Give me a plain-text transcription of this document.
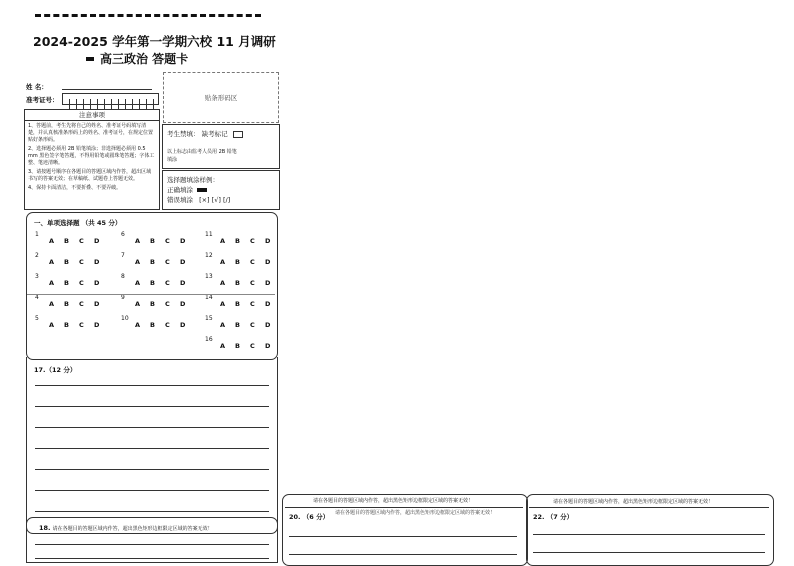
2024-2025 学年第一学期六校 11 月调研
高三政治 答题卡
姓 名：
准考证号：	贴条形码区
注意事项
1、答题前，考生先将自己的姓名、准考证号码填写清楚，并认真核准条形码上的姓名、准考证号，在规定位置贴好条形码。
2、选择题必须用 2B 铅笔填涂；非选择题必须用 0.5 mm 黑色签字笔答题，不得用铅笔或圆珠笔答题；字体工整、笔迹清晰。
3、请按题号顺序在各题目的答题区域内作答，超出区域书写的答案无效；在草稿纸、试题卷上答题无效。
4、保持卡面清洁，不要折叠、不要弄破。
考生禁填： 缺考标记
以上标志由监考人员用 2B 铅笔
填涂
选择题填涂样例：
正确填涂
错误填涂 [×] [√] [/]
一、单项选择题 （共 45 分）
1
A B C D
2
A B C D
3
A B C D
4
A B C D
5
A B C D
6
A B C D
7
A B C D
8
A B C D
9
A B C D
10
A B C D
11
A B C D
12
A B C D
13
A B C D
14
A B C D
15
A B C D
16
A B C D
17.（12 分）
18. 请在各题目的答题区域内作答，超出黑色矩形边框限定区域的答案无效！
请在各题目的答题区域内作答，超出黑色矩形边框限定区域的答案无效！
20. （6 分） 请在各题目的答题区域内作答，超出黑色矩形边框限定区域的答案无效！
请在各题目的答题区域内作答，超出黑色矩形边框限定区域的答案无效！
22. （7 分）
